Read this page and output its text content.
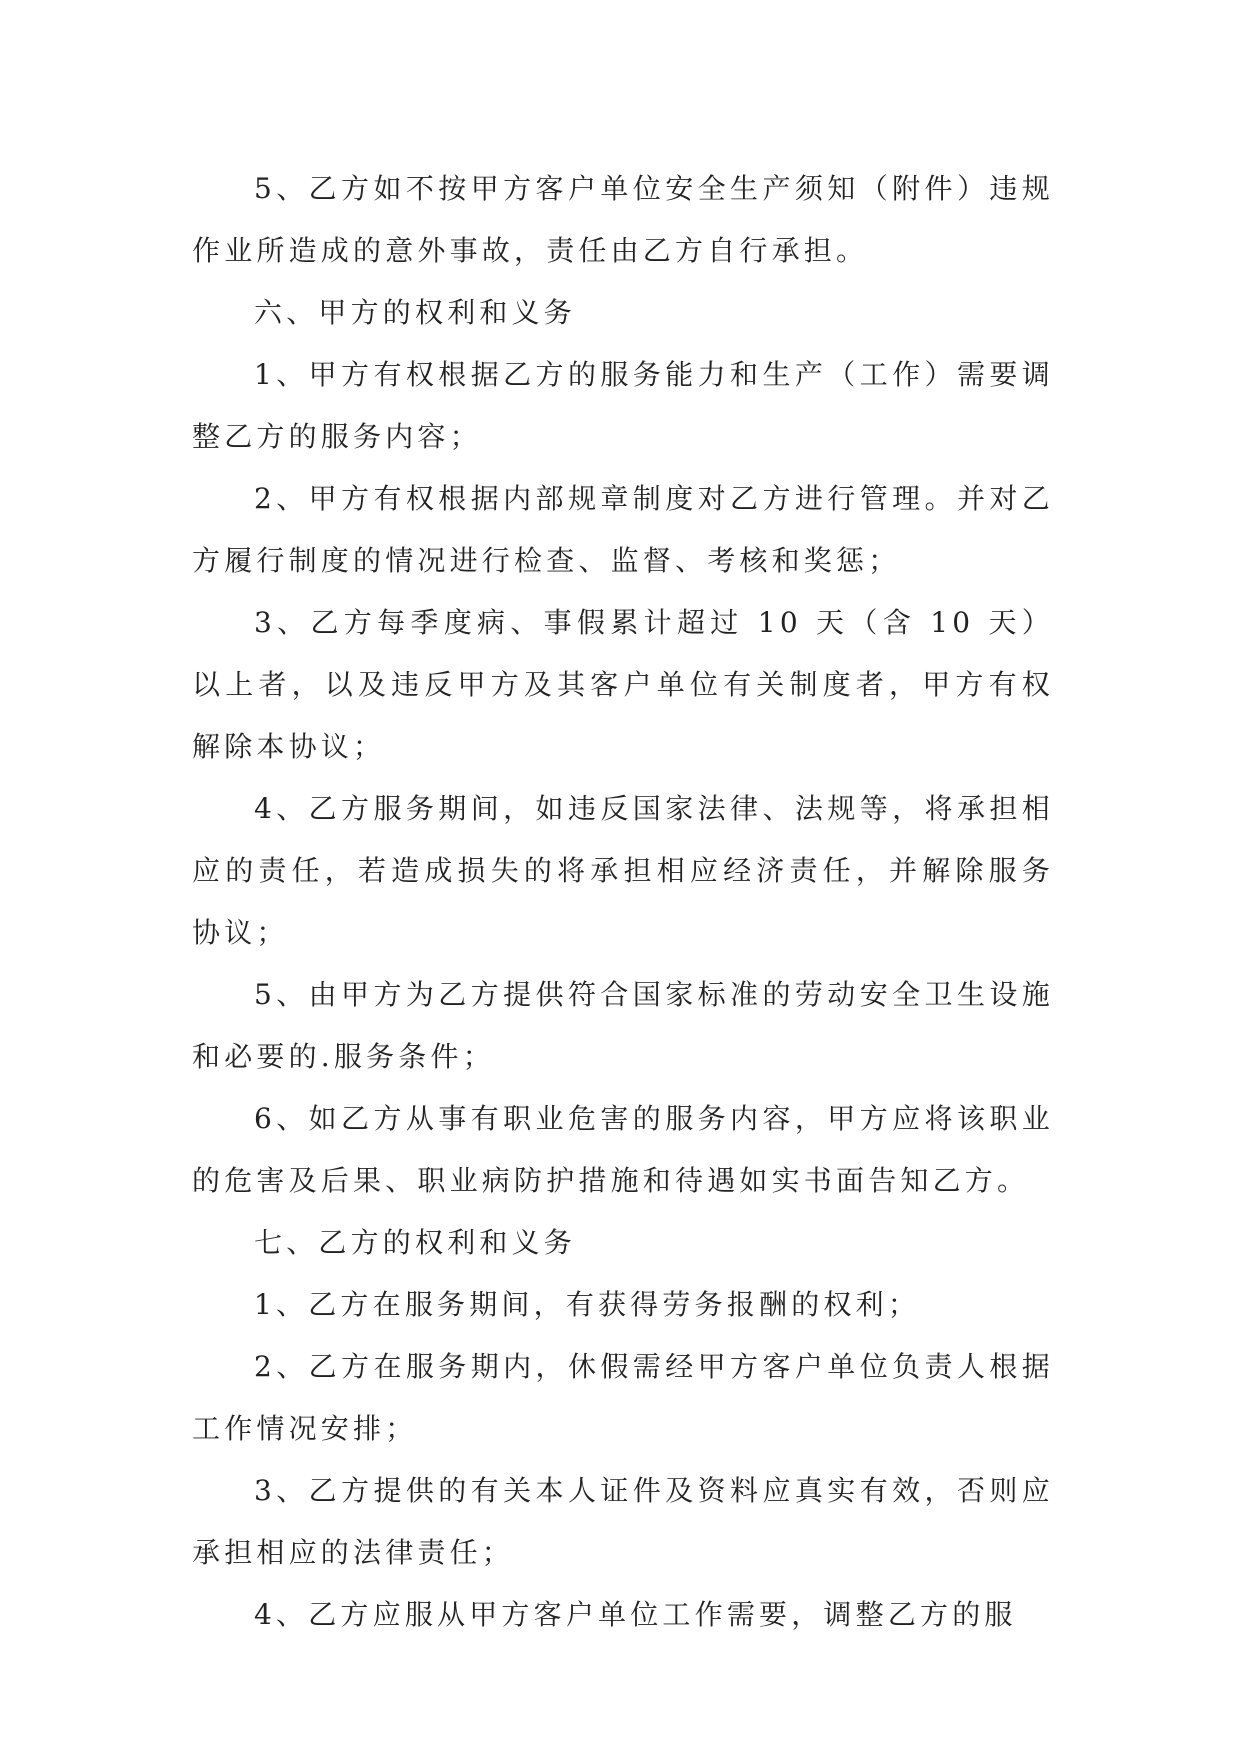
5、乙方如不按甲方客户单位安全生产须知（附件）违规作业所造成的意外事故，责任由乙方自行承担。

六、甲方的权利和义务

1、甲方有权根据乙方的服务能力和生产（工作）需要调整乙方的服务内容；

2、甲方有权根据内部规章制度对乙方进行管理。并对乙方履行制度的情况进行检查、监督、考核和奖惩；

3、乙方每季度病、事假累计超过 10 天（含 10 天）以上者，以及违反甲方及其客户单位有关制度者，甲方有权解除本协议；

4、乙方服务期间，如违反国家法律、法规等，将承担相应的责任，若造成损失的将承担相应经济责任，并解除服务协议；

5、由甲方为乙方提供符合国家标准的劳动安全卫生设施和必要的.服务条件；

6、如乙方从事有职业危害的服务内容，甲方应将该职业的危害及后果、职业病防护措施和待遇如实书面告知乙方。

七、乙方的权利和义务

1、乙方在服务期间，有获得劳务报酬的权利；

2、乙方在服务期内，休假需经甲方客户单位负责人根据工作情况安排；

3、乙方提供的有关本人证件及资料应真实有效，否则应承担相应的法律责任；

4、乙方应服从甲方客户单位工作需要，调整乙方的服
